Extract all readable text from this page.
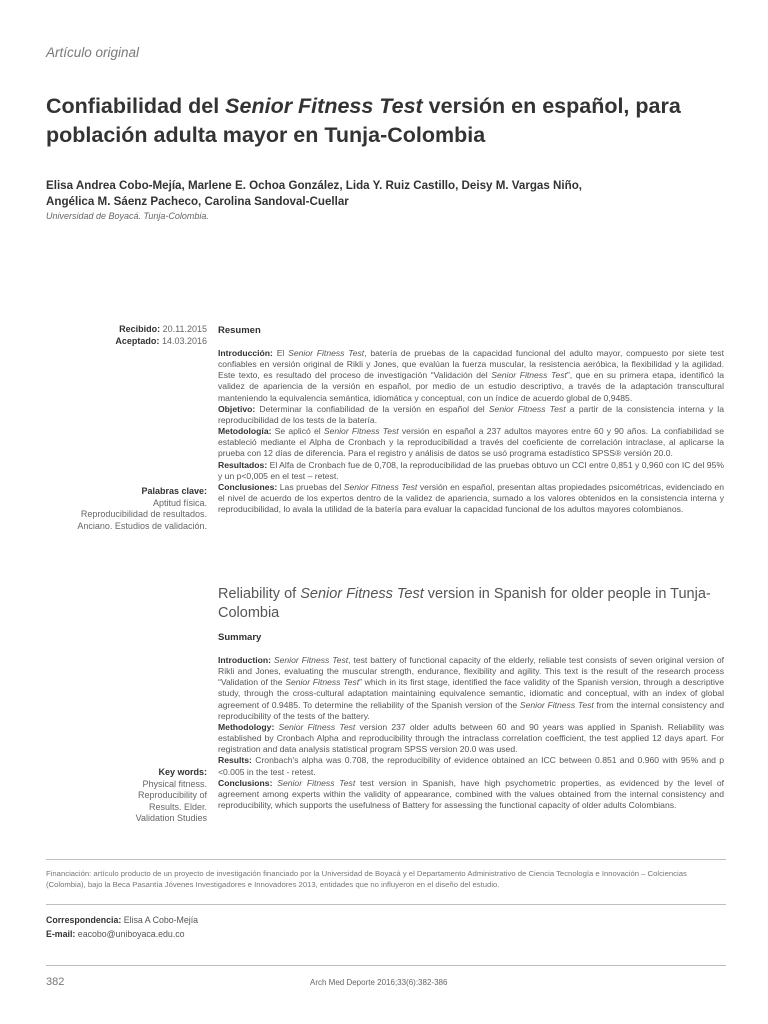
Artículo original
Confiabilidad del Senior Fitness Test versión en español, para población adulta mayor en Tunja-Colombia
Elisa Andrea Cobo-Mejía, Marlene E. Ochoa González, Lida Y. Ruiz Castillo, Deisy M. Vargas Niño,
Angélica M. Sáenz Pacheco, Carolina Sandoval-Cuellar
Universidad de Boyacá. Tunja-Colombia.
Recibido: 20.11.2015
Aceptado: 14.03.2016
Resumen

Introducción: El Senior Fitness Test, batería de pruebas de la capacidad funcional del adulto mayor, compuesto por siete test confiables en versión original de Rikli y Jones, que evalúan la fuerza muscular, la resistencia aeróbica, la flexibilidad y la agilidad. Este texto, es resultado del proceso de investigación “Validación del Senior Fitness Test”, que en su primera etapa, identificó la validez de apariencia de la versión en español, por medio de un estudio descriptivo, a través de la adaptación transcultural manteniendo la equivalencia semántica, idiomática y conceptual, con un índice de acuerdo global de 0,9485.

Objetivo: Determinar la confiabilidad de la versión en español del Senior Fitness Test a partir de la consistencia interna y la reproducibilidad de los tests de la batería.

Metodología: Se aplicó el Senior Fitness Test versión en español a 237 adultos mayores entre 60 y 90 años. La confiabilidad se estableció mediante el Alpha de Cronbach y la reproducibilidad a través del coeficiente de correlación intraclase, al aplicarse la prueba con 12 días de diferencia. Para el registro y análisis de datos se usó programa estadístico SPSS® versión 20.0.

Resultados: El Alfa de Cronbach fue de 0,708, la reproducibilidad de las pruebas obtuvo un CCI entre 0,851 y 0,960 con IC del 95% y un p<0,005 en el test – retest.

Conclusiones: Las pruebas del Senior Fitness Test versión en español, presentan altas propiedades psicométricas, evidenciado en el nivel de acuerdo de los expertos dentro de la validez de apariencia, sumado a los valores obtenidos en la consistencia interna y reproducibilidad, lo avala la utilidad de la batería para evaluar la capacidad funcional de los adultos mayores colombianos.

Palabras clave:
Aptitud física.
Reproducibilidad de resultados.
Anciano. Estudios de validación.
Reliability of Senior Fitness Test version in Spanish for older people in Tunja-Colombia
Summary

Introduction: Senior Fitness Test, test battery of functional capacity of the elderly, reliable test consists of seven original version of Rikli and Jones, evaluating the muscular strength, endurance, flexibility and agility. This text is the result of the research process “Validation of the Senior Fitness Test” which in its first stage, identified the face validity of the Spanish version, through a descriptive study, through the cross-cultural adaptation maintaining equivalence semantic, idiomatic and conceptual, with an index of global agreement of 0.9485. To determine the reliability of the Spanish version of the Senior Fitness Test from the internal consistency and reproducibility of the tests of the battery.

Methodology: Senior Fitness Test version 237 older adults between 60 and 90 years was applied in Spanish. Reliability was established by Cronbach Alpha and reproducibility through the intraclass correlation coefficient, the test applied 12 days apart. For registration and data analysis statistical program SPSS version 20.0 was used.

Results: Cronbach's alpha was 0.708, the reproducibility of evidence obtained an ICC between 0.851 and 0.960 with 95% and p <0.005 in the test - retest.

Conclusions: Senior Fitness Test test version in Spanish, have high psychometric properties, as evidenced by the level of agreement among experts within the validity of appearance, combined with the values obtained from the internal consistency and reproducibility, which supports the usefulness of Battery for assessing the functional capacity of older adults Colombians.

Key words:
Physical fitness.
Reproducibility of
Results. Elder.
Validation Studies
Financiación: artículo producto de un proyecto de investigación financiado por la Universidad de Boyacá y el Departamento Administrativo de Ciencia Tecnología e Innovación – Colciencias (Colombia), bajo la Beca Pasantía Jóvenes Investigadores e Innovadores 2013, entidades que no influyeron en el diseño del estudio.
Correspondencia: Elisa A Cobo-Mejía
E-mail: eacobo@uniboyaca.edu.co
382	Arch Med Deporte 2016;33(6):382-386
